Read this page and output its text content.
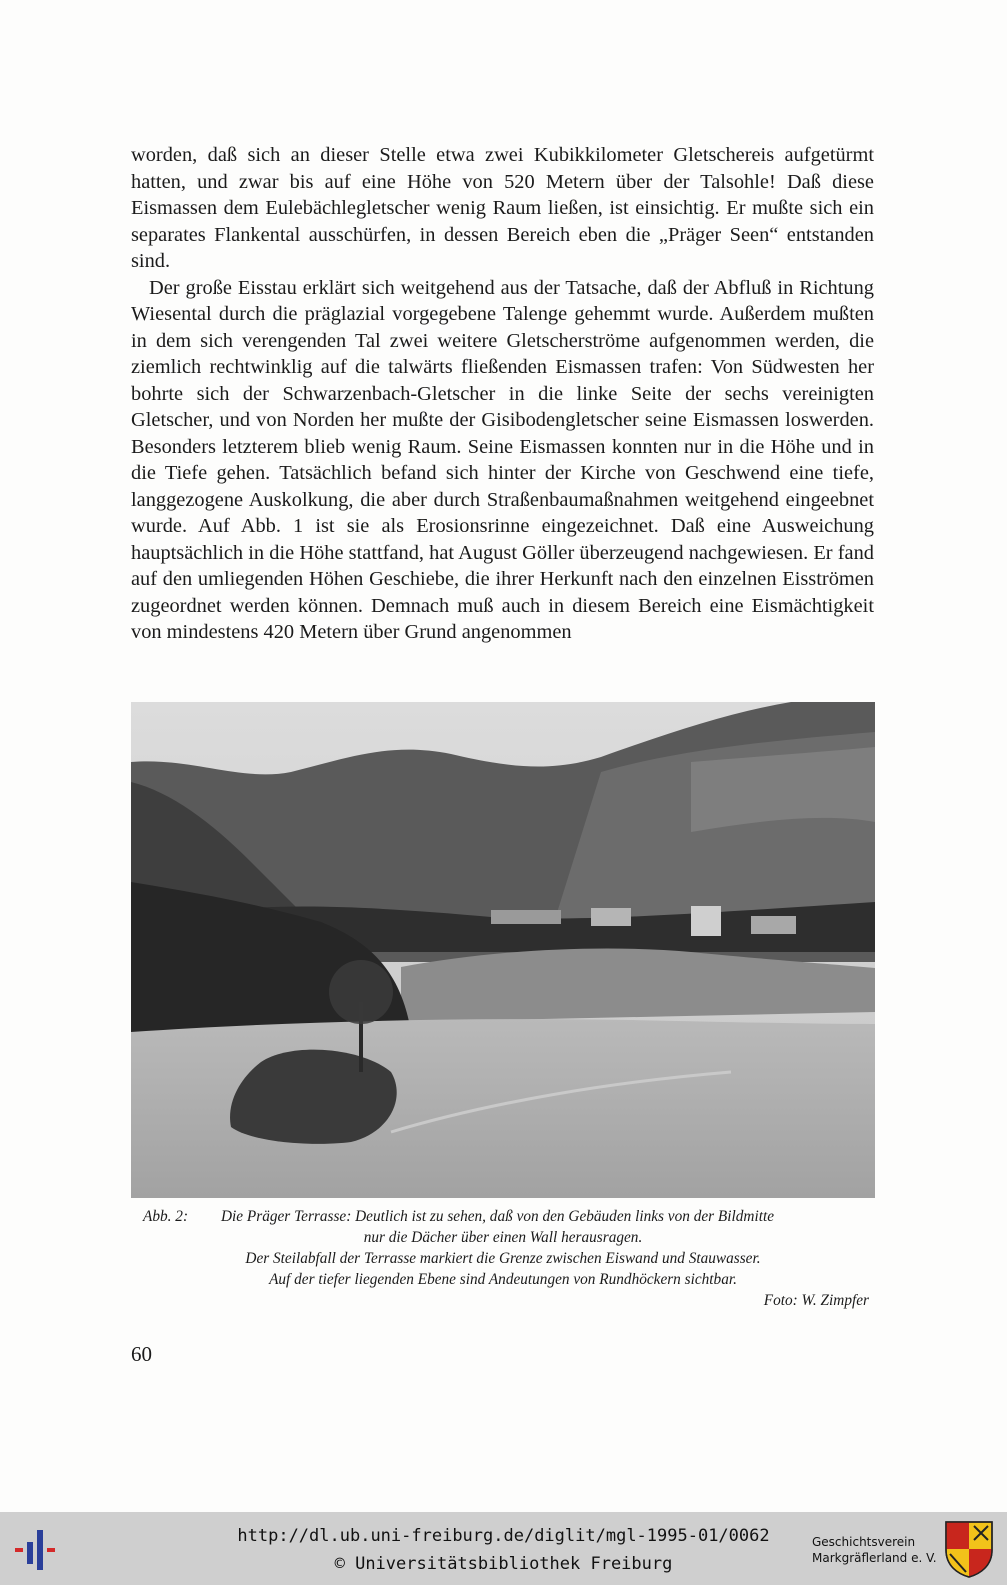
worden, daß sich an dieser Stelle etwa zwei Kubikkilometer Gletschereis aufgetürmt hatten, und zwar bis auf eine Höhe von 520 Metern über der Talsohle! Daß diese Eismassen dem Eulebächlegletscher wenig Raum ließen, ist einsichtig. Er mußte sich ein separates Flankental ausschürfen, in dessen Bereich eben die „Präger Seen“ entstanden sind.

Der große Eisstau erklärt sich weitgehend aus der Tatsache, daß der Abfluß in Richtung Wiesental durch die präglazial vorgegebene Talenge gehemmt wurde. Außerdem mußten in dem sich verengenden Tal zwei weitere Gletscherströme aufgenommen werden, die ziemlich rechtwinklig auf die talwärts fließenden Eismassen trafen: Von Südwesten her bohrte sich der Schwarzenbach-Gletscher in die linke Seite der sechs vereinigten Gletscher, und von Norden her mußte der Gisibodengletscher seine Eismassen loswerden. Besonders letzterem blieb wenig Raum. Seine Eismassen konnten nur in die Höhe und in die Tiefe gehen. Tatsächlich befand sich hinter der Kirche von Geschwend eine tiefe, langgezogene Auskolkung, die aber durch Straßenbaumaßnahmen weitgehend eingeebnet wurde. Auf Abb. 1 ist sie als Erosionsrinne eingezeichnet. Daß eine Ausweichung hauptsächlich in die Höhe stattfand, hat August Göller überzeugend nachgewiesen. Er fand auf den umliegenden Höhen Geschiebe, die ihrer Herkunft nach den einzelnen Eisströmen zugeordnet werden können. Demnach muß auch in diesem Bereich eine Eismächtigkeit von mindestens 420 Metern über Grund angenommen

Abb. 2:	Die Präger Terrasse: Deutlich ist zu sehen, daß von den Gebäuden links von der Bildmitte
nur die Dächer über einen Wall herausragen.
Der Steilabfall der Terrasse markiert die Grenze zwischen Eiswand und Stauwasser.
Auf der tiefer liegenden Ebene sind Andeutungen von Rundhöckern sichtbar.
Foto: W. Zimpfer
60
http://dl.ub.uni-freiburg.de/diglit/mgl-1995-01/0062
© Universitätsbibliothek Freiburg
Geschichtsverein
Markgräflerland e. V.
